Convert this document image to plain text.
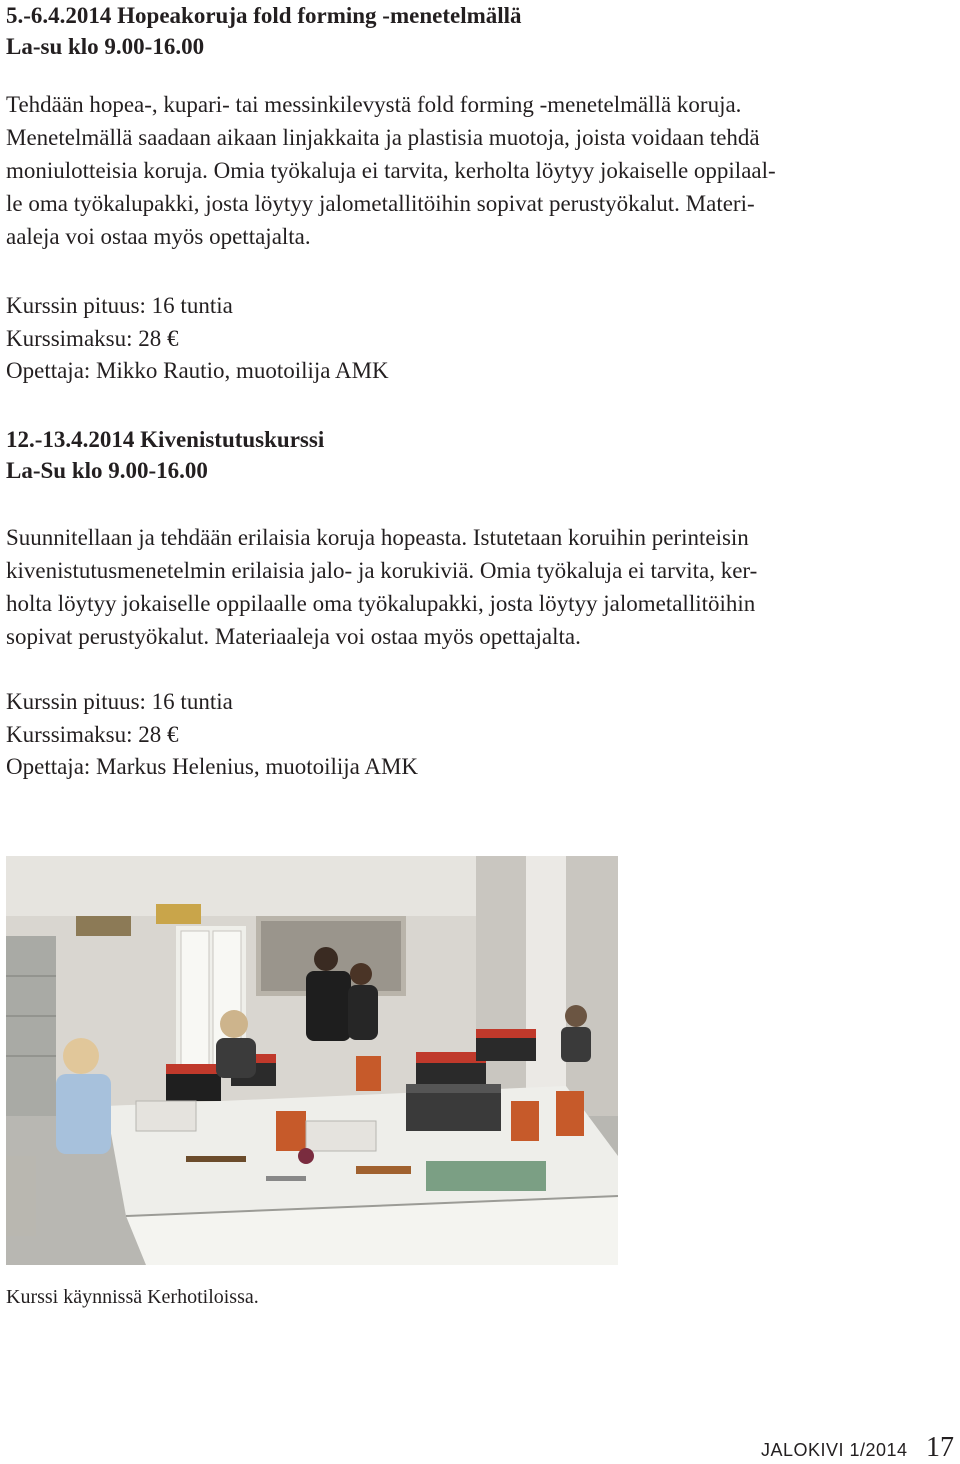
5.-6.4.2014 Hopeakoruja fold forming -menetelmällä

La-su klo 9.00-16.00

Tehdään hopea-, kupari- tai messinkilevystä fold forming -menetelmällä koruja.
Menetelmällä saadaan aikaan linjakkaita ja plastisia muotoja, joista voidaan tehdä
moniulotteisia koruja. Omia työkaluja ei tarvita, kerholta löytyy jokaiselle oppilaal-
le oma työkalupakki, josta löytyy jalometallitöihin sopivat perustyökalut. Materi-
aaleja voi ostaa myös opettajalta.

Kurssin pituus: 16 tuntia

Kurssimaksu: 28 €

Opettaja: Mikko Rautio, muotoilija AMK

12.-13.4.2014 Kivenistutuskurssi

La-Su klo 9.00-16.00

Suunnitellaan ja tehdään erilaisia koruja hopeasta. Istutetaan koruihin perinteisin
kivenistutusmenetelmin erilaisia jalo- ja korukiviä. Omia työkaluja ei tarvita, ker-
holta löytyy jokaiselle oppilaalle oma työkalupakki, josta löytyy jalometallitöihin
sopivat perustyökalut. Materiaaleja voi ostaa myös opettajalta.

Kurssin pituus: 16 tuntia

Kurssimaksu: 28 €

Opettaja: Markus Helenius, muotoilija AMK

Kurssi käynnissä Kerhotiloissa.
JALOKIVI 1/2014 17
